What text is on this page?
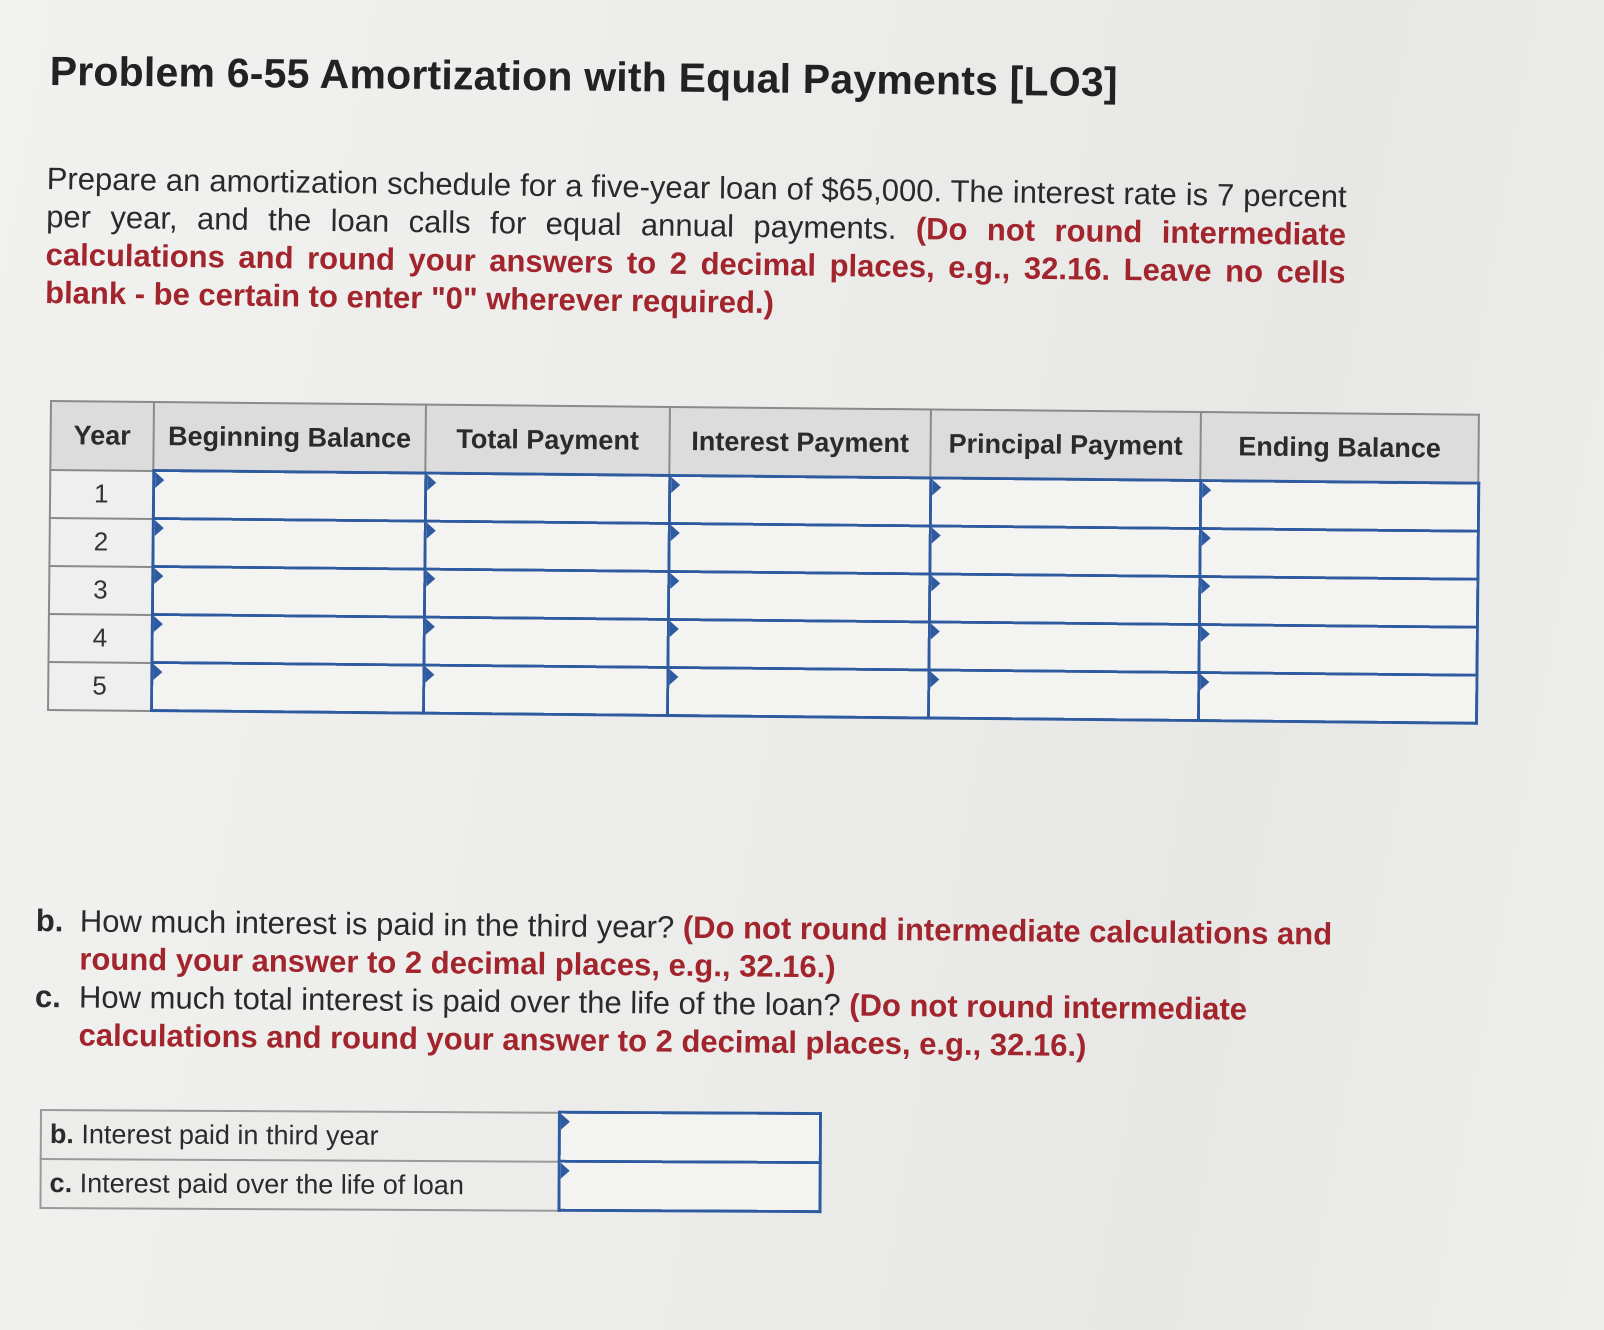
Problem 6-55 Amortization with Equal Payments [LO3]

Prepare an amortization schedule for a five-year loan of $65,000. The interest rate is 7 percent per year, and the loan calls for equal annual payments. (Do not round intermediate calculations and round your answers to 2 decimal places, e.g., 32.16. Leave no cells blank - be certain to enter "0" wherever required.)

Year	Beginning Balance	Total Payment	Interest Payment	Principal Payment	Ending Balance
1	

2	

3	

4	

5	

b. How much interest is paid in the third year? (Do not round intermediate calculations and round your answer to 2 decimal places, e.g., 32.16.)
c. How much total interest is paid over the life of the loan? (Do not round intermediate calculations and round your answer to 2 decimal places, e.g., 32.16.)
b. Interest paid in third year	

c. Interest paid over the life of loan	
